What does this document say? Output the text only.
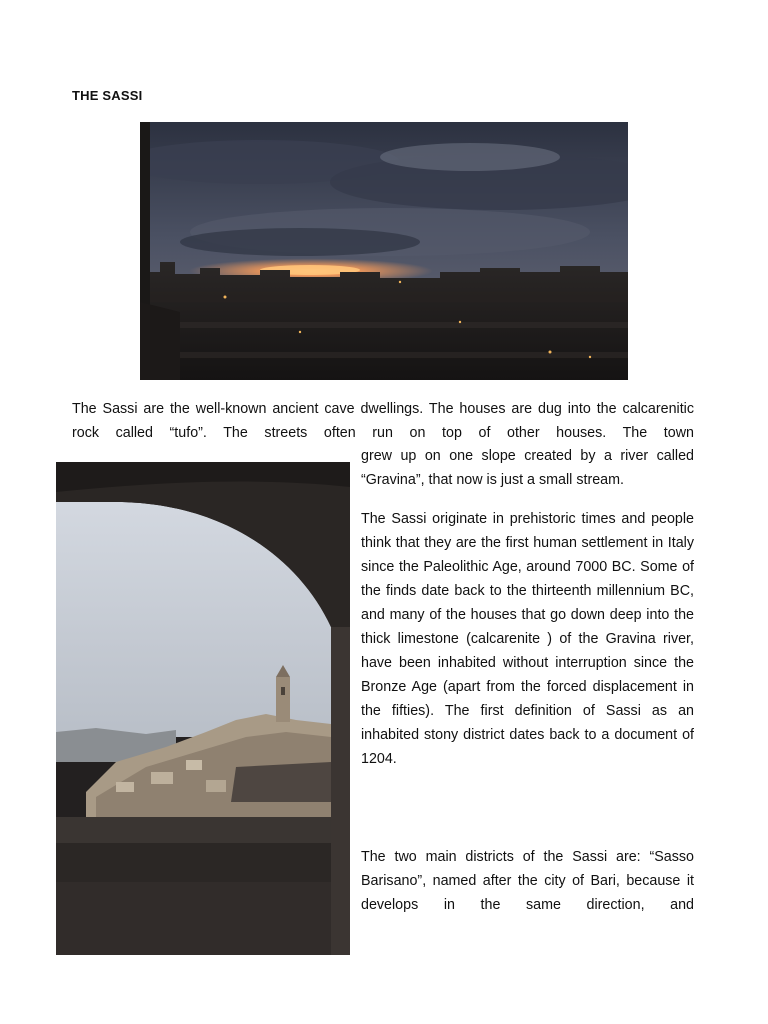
THE SASSI
The Sassi are the well-known ancient cave dwellings. The houses are dug into the calcarenitic rock called “tufo”. The streets often run on top of other houses. The town

grew up on one slope created by a river called “Gravina”, that now is just a small stream.

The Sassi originate in prehistoric times and people think that they are the first human settlement in Italy since the Paleolithic Age, around 7000 BC. Some of the finds date back to the thirteenth millennium BC, and many of the houses that go down deep into the thick limestone (calcarenite ) of the Gravina river, have been inhabited without interruption since the Bronze Age (apart from the forced displacement in the fifties). The first definition of Sassi as an inhabited stony district dates back to a document of 1204.

The two main districts of the Sassi are: “Sasso Barisano”, named after the city of Bari, because it develops in the same direction, and
